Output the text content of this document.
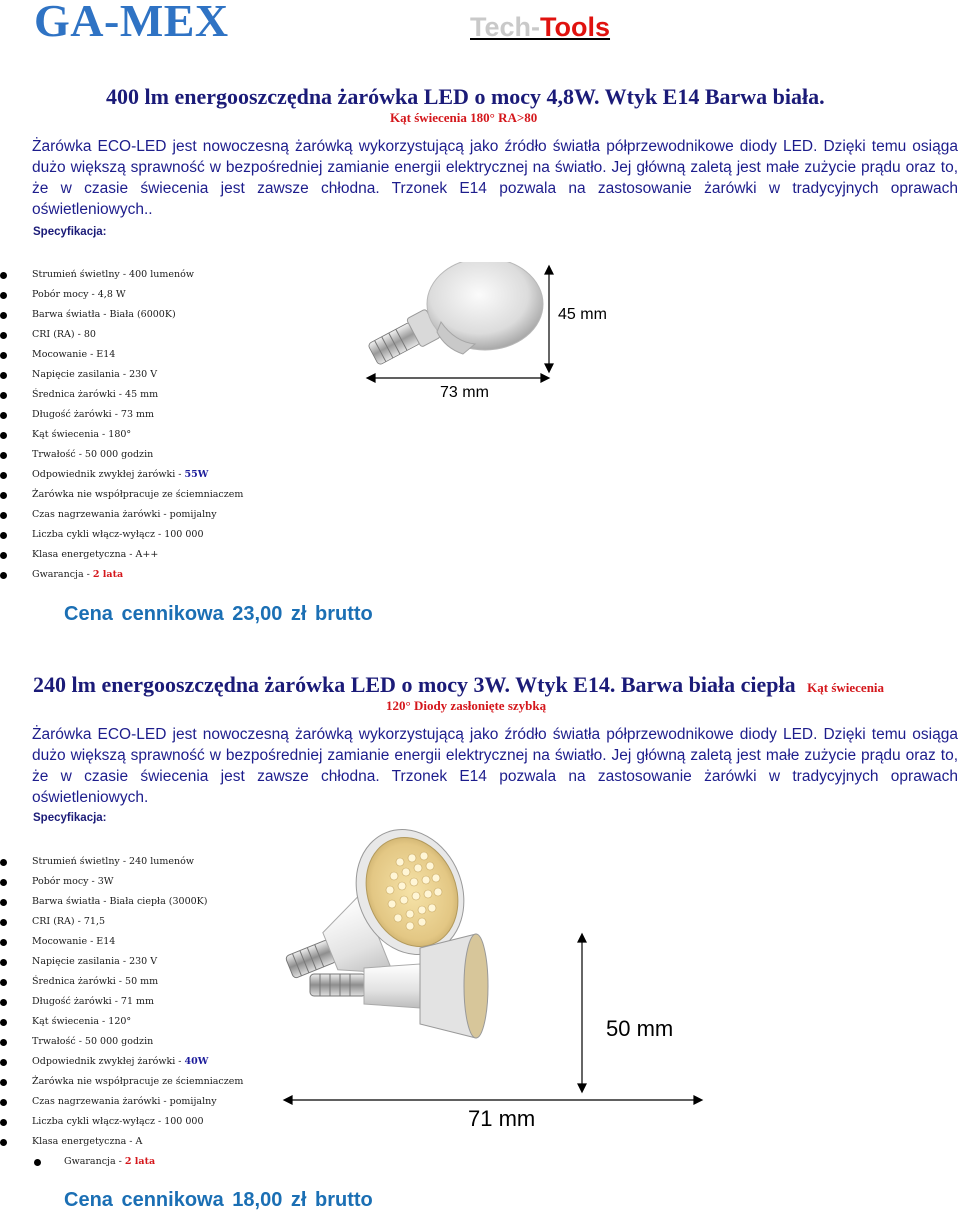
GA-MEX	Tech-Tools
400 lm energooszczędna żarówka LED o mocy 4,8W. Wtyk E14 Barwa biała.
Kąt świecenia 180° RA>80

Żarówka ECO-LED jest nowoczesną żarówką wykorzystującą jako źródło światła półprzewodnikowe diody LED. Dzięki temu osiąga dużo większą sprawność w bezpośredniej zamianie energii elektrycznej na światło. Jej główną zaletą jest małe zużycie prądu oraz to, że w czasie świecenia jest zawsze chłodna. Trzonek E14 pozwala na zastosowanie żarówki w tradycyjnych oprawach oświetleniowych..

Specyfikacja:
Strumień świetlny - 400 lumenów
Pobór mocy - 4,8 W
Barwa światła - Biała (6000K)
CRI (RA) - 80
Mocowanie - E14
Napięcie zasilania - 230 V
Średnica żarówki - 45 mm
Długość żarówki - 73 mm
Kąt świecenia - 180°
Trwałość - 50 000 godzin
Odpowiednik zwykłej żarówki - 55W
Żarówka nie współpracuje ze ściemniaczem
Czas nagrzewania żarówki - pomijalny
Liczba cykli włącz-wyłącz - 100 000
Klasa energetyczna - A++
Gwarancja - 2 lata
45 mm
73 mm
Cena cennikowa 23,00 zł brutto
240 lm energooszczędna żarówka LED o mocy 3W. Wtyk E14. Barwa biała ciepła Kąt świecenia
120° Diody zasłonięte szybką

Żarówka ECO-LED jest nowoczesną żarówką wykorzystującą jako źródło światła półprzewodnikowe diody LED. Dzięki temu osiąga dużo większą sprawność w bezpośredniej zamianie energii elektrycznej na światło. Jej główną zaletą jest małe zużycie prądu oraz to, że w czasie świecenia jest zawsze chłodna. Trzonek E14 pozwala na zastosowanie żarówki w tradycyjnych oprawach oświetleniowych.

Specyfikacja:
Strumień świetlny - 240 lumenów
Pobór mocy - 3W
Barwa światła - Biała ciepła (3000K)
CRI (RA) - 71,5
Mocowanie - E14
Napięcie zasilania - 230 V
Średnica żarówki - 50 mm
Długość żarówki - 71 mm
Kąt świecenia - 120°
Trwałość - 50 000 godzin
Odpowiednik zwykłej żarówki - 40W
Żarówka nie współpracuje ze ściemniaczem
Czas nagrzewania żarówki - pomijalny
Liczba cykli włącz-wyłącz - 100 000
Klasa energetyczna - A
Gwarancja - 2 lata
50 mm
71 mm
Cena cennikowa 18,00 zł brutto
